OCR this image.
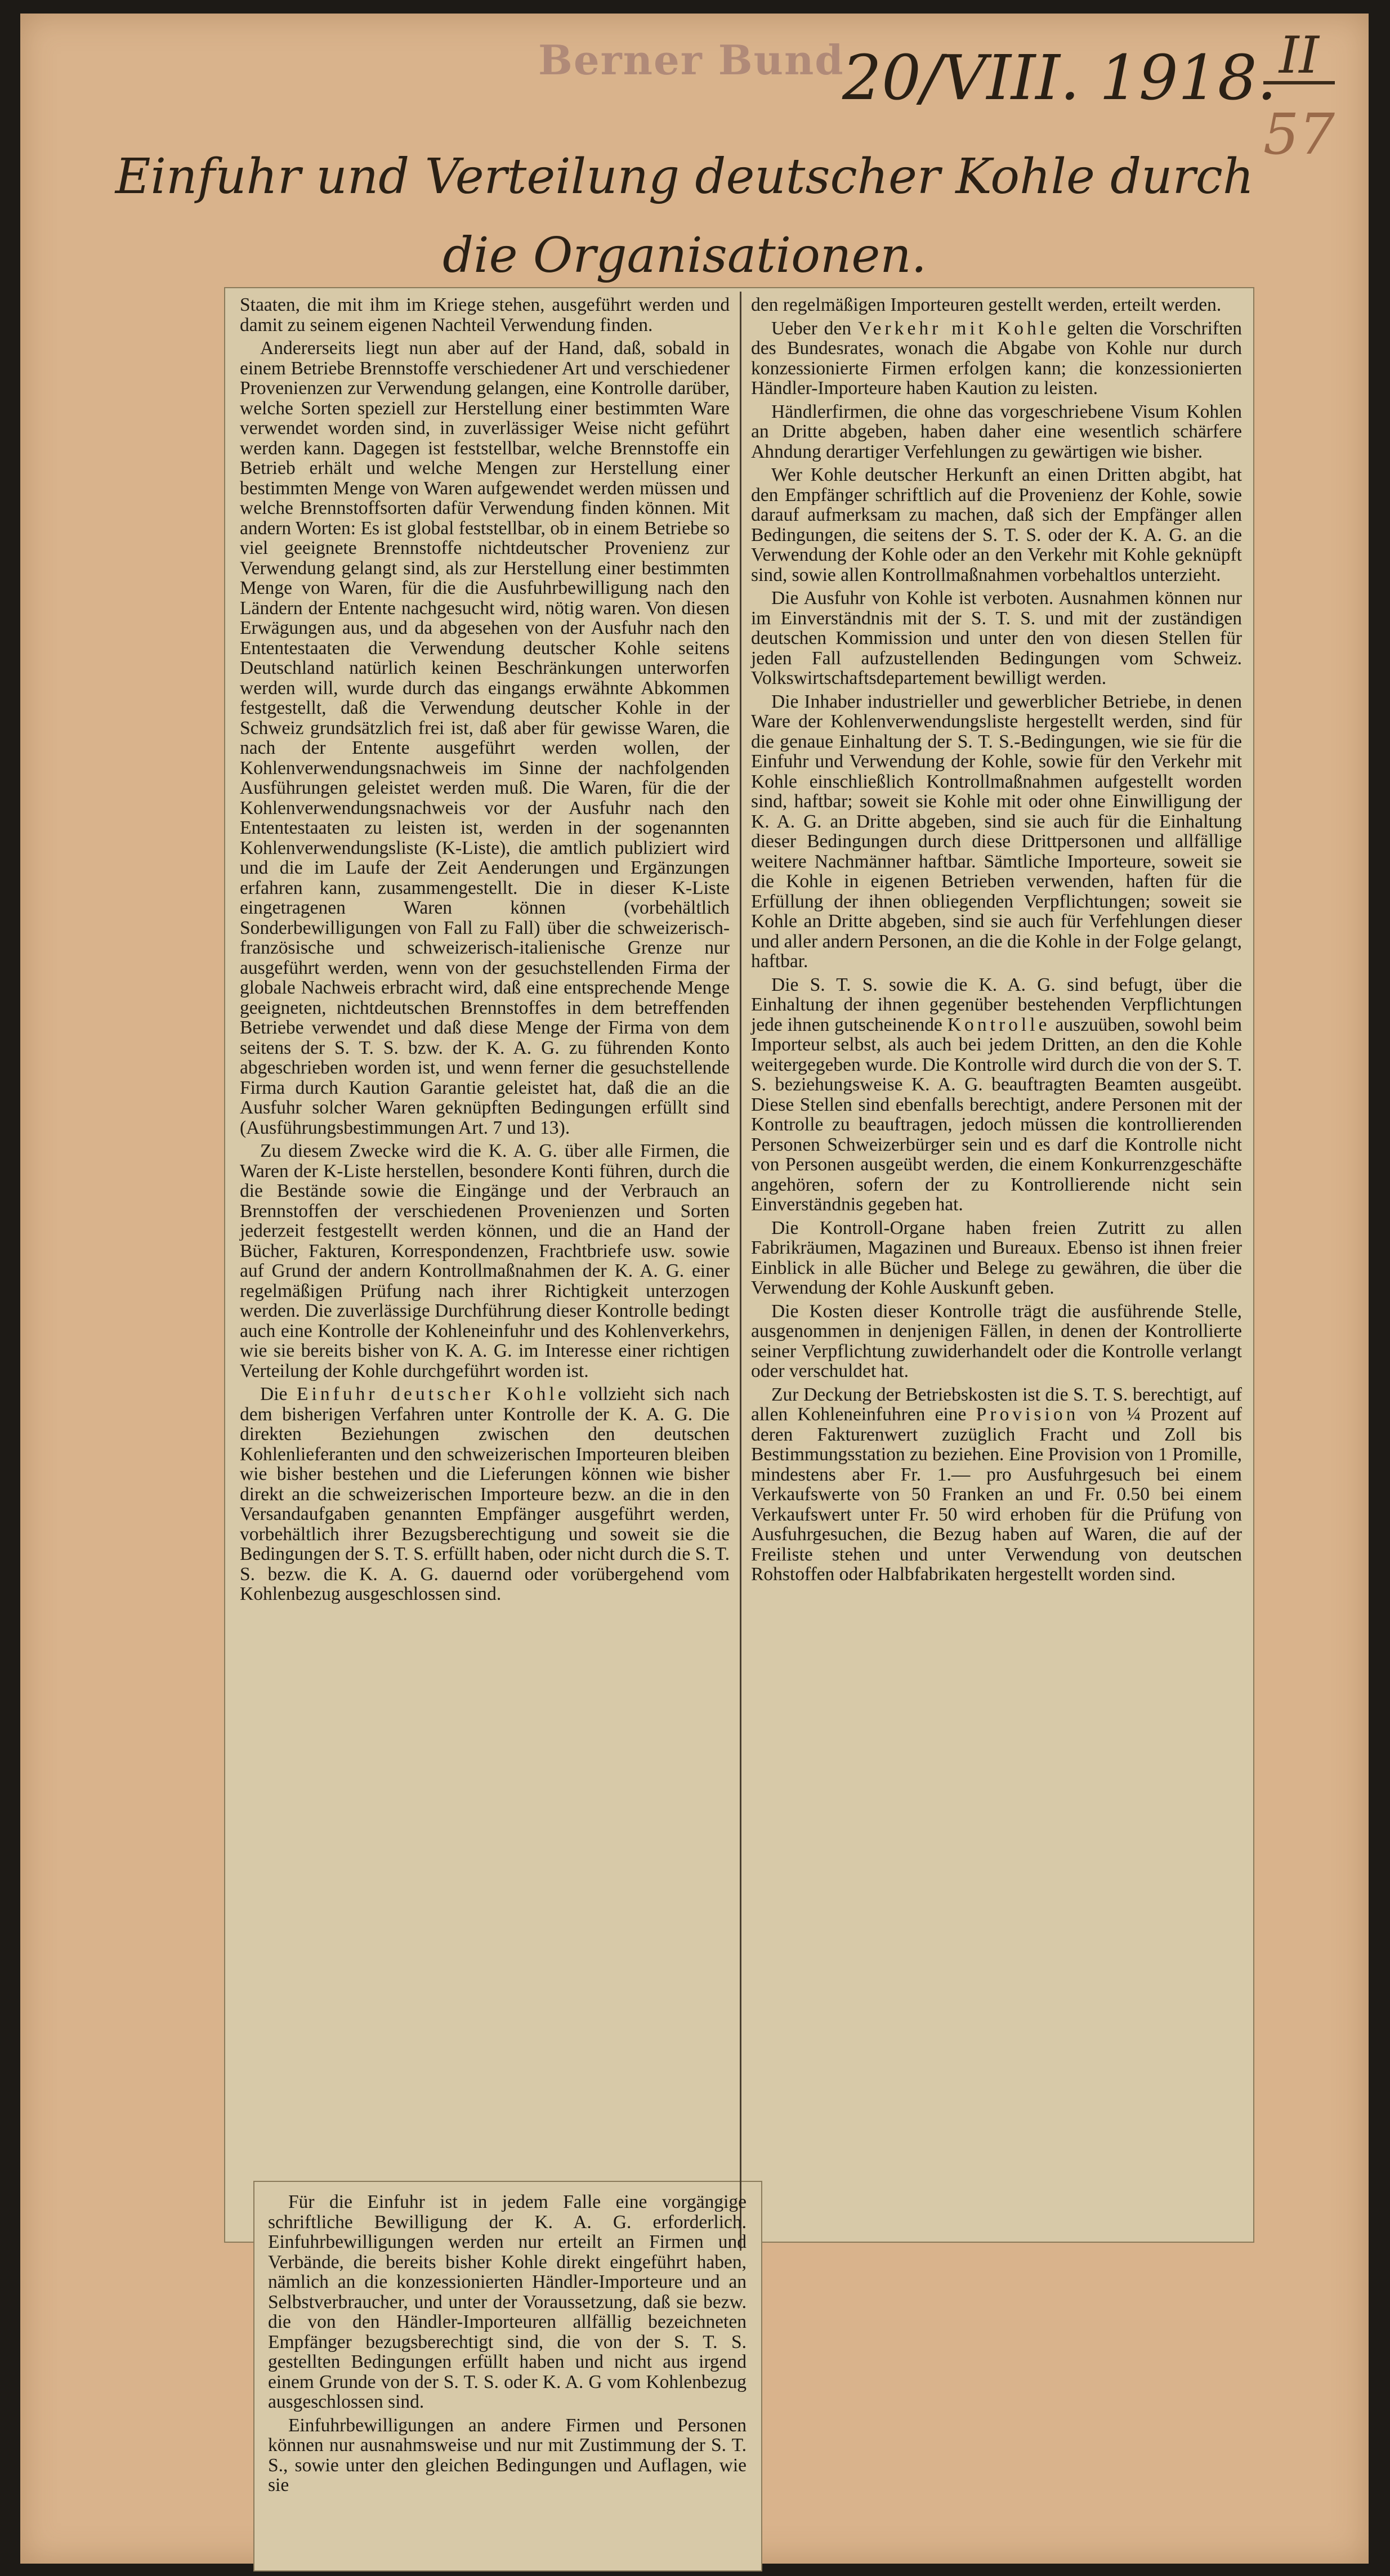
Berner Bund
20/VIII. 1918. II
57
Einfuhr und Verteilung deutscher Kohle durch die Organisationen.

Staaten, die mit ihm im Kriege stehen, ausgeführt werden und damit zu seinem eigenen Nachteil Verwendung finden.

Andererseits liegt nun aber auf der Hand, daß, sobald in einem Betriebe Brennstoffe verschiedener Art und verschiedener Provenienzen zur Verwendung gelangen, eine Kontrolle darüber, welche Sorten speziell zur Herstellung einer bestimmten Ware verwendet worden sind, in zuverlässiger Weise nicht geführt werden kann. Dagegen ist feststellbar, welche Brennstoffe ein Betrieb erhält und welche Mengen zur Herstellung einer bestimmten Menge von Waren aufgewendet werden müssen und welche Brennstoffsorten dafür Verwendung finden können. Mit andern Worten: Es ist global feststellbar, ob in einem Betriebe so viel geeignete Brennstoffe nichtdeutscher Provenienz zur Verwendung gelangt sind, als zur Herstellung einer bestimmten Menge von Waren, für die die Ausfuhrbewilligung nach den Ländern der Entente nachgesucht wird, nötig waren. Von diesen Erwägungen aus, und da abgesehen von der Ausfuhr nach den Ententestaaten die Verwendung deutscher Kohle seitens Deutschland natürlich keinen Beschränkungen unterworfen werden will, wurde durch das eingangs erwähnte Abkommen festgestellt, daß die Verwendung deutscher Kohle in der Schweiz grundsätzlich frei ist, daß aber für gewisse Waren, die nach der Entente ausgeführt werden wollen, der Kohlenverwendungsnachweis im Sinne der nachfolgenden Ausführungen geleistet werden muß. Die Waren, für die der Kohlenverwendungsnachweis vor der Ausfuhr nach den Ententestaaten zu leisten ist, werden in der sogenannten Kohlenverwendungsliste (K-Liste), die amtlich publiziert wird und die im Laufe der Zeit Aenderungen und Ergänzungen erfahren kann, zusammengestellt. Die in dieser K-Liste eingetragenen Waren können (vorbehältlich Sonderbewilligungen von Fall zu Fall) über die schweizerisch-französische und schweizerisch-italienische Grenze nur ausgeführt werden, wenn von der gesuchstellenden Firma der globale Nachweis erbracht wird, daß eine entsprechende Menge geeigneten, nichtdeutschen Brennstoffes in dem betreffenden Betriebe verwendet und daß diese Menge der Firma von dem seitens der S. T. S. bzw. der K. A. G. zu führenden Konto abgeschrieben worden ist, und wenn ferner die gesuchstellende Firma durch Kaution Garantie geleistet hat, daß die an die Ausfuhr solcher Waren geknüpften Bedingungen erfüllt sind (Ausführungsbestimmungen Art. 7 und 13).

Zu diesem Zwecke wird die K. A. G. über alle Firmen, die Waren der K-Liste herstellen, besondere Konti führen, durch die die Bestände sowie die Eingänge und der Verbrauch an Brennstoffen der verschiedenen Provenienzen und Sorten jederzeit festgestellt werden können, und die an Hand der Bücher, Fakturen, Korrespondenzen, Frachtbriefe usw. sowie auf Grund der andern Kontrollmaßnahmen der K. A. G. einer regelmäßigen Prüfung nach ihrer Richtigkeit unterzogen werden. Die zuverlässige Durchführung dieser Kontrolle bedingt auch eine Kontrolle der Kohleneinfuhr und des Kohlenverkehrs, wie sie bereits bisher von K. A. G. im Interesse einer richtigen Verteilung der Kohle durchgeführt worden ist.

Die Einfuhr deutscher Kohle vollzieht sich nach dem bisherigen Verfahren unter Kontrolle der K. A. G. Die direkten Beziehungen zwischen den deutschen Kohlenlieferanten und den schweizerischen Importeuren bleiben wie bisher bestehen und die Lieferungen können wie bisher direkt an die schweizerischen Importeure bezw. an die in den Versandaufgaben genannten Empfänger ausgeführt werden, vorbehältlich ihrer Bezugsberechtigung und soweit sie die Bedingungen der S. T. S. erfüllt haben, oder nicht durch die S. T. S. bezw. die K. A. G. dauernd oder vorübergehend vom Kohlenbezug ausgeschlossen sind.

Für die Einfuhr ist in jedem Falle eine vorgängige schriftliche Bewilligung der K. A. G. erforderlich. Einfuhrbewilligungen werden nur erteilt an Firmen und Verbände, die bereits bisher Kohle direkt eingeführt haben, nämlich an die konzessionierten Händler-Importeure und an Selbstverbraucher, und unter der Voraussetzung, daß sie bezw. die von den Händler-Importeuren allfällig bezeichneten Empfänger bezugsberechtigt sind, die von der S. T. S. gestellten Bedingungen erfüllt haben und nicht aus irgend einem Grunde von der S. T. S. oder K. A. G vom Kohlenbezug ausgeschlossen sind.

Einfuhrbewilligungen an andere Firmen und Personen können nur ausnahmsweise und nur mit Zustimmung der S. T. S., sowie unter den gleichen Bedingungen und Auflagen, wie sie

den regelmäßigen Importeuren gestellt werden, erteilt werden.

Ueber den Verkehr mit Kohle gelten die Vorschriften des Bundesrates, wonach die Abgabe von Kohle nur durch konzessionierte Firmen erfolgen kann; die konzessionierten Händler-Importeure haben Kaution zu leisten.

Händlerfirmen, die ohne das vorgeschriebene Visum Kohlen an Dritte abgeben, haben daher eine wesentlich schärfere Ahndung derartiger Verfehlungen zu gewärtigen wie bisher.

Wer Kohle deutscher Herkunft an einen Dritten abgibt, hat den Empfänger schriftlich auf die Provenienz der Kohle, sowie darauf aufmerksam zu machen, daß sich der Empfänger allen Bedingungen, die seitens der S. T. S. oder der K. A. G. an die Verwendung der Kohle oder an den Verkehr mit Kohle geknüpft sind, sowie allen Kontrollmaßnahmen vorbehaltlos unterzieht.

Die Ausfuhr von Kohle ist verboten. Ausnahmen können nur im Einverständnis mit der S. T. S. und mit der zuständigen deutschen Kommission und unter den von diesen Stellen für jeden Fall aufzustellenden Bedingungen vom Schweiz. Volkswirtschaftsdepartement bewilligt werden.

Die Inhaber industrieller und gewerblicher Betriebe, in denen Ware der Kohlenverwendungsliste hergestellt werden, sind für die genaue Einhaltung der S. T. S.-Bedingungen, wie sie für die Einfuhr und Verwendung der Kohle, sowie für den Verkehr mit Kohle einschließlich Kontrollmaßnahmen aufgestellt worden sind, haftbar; soweit sie Kohle mit oder ohne Einwilligung der K. A. G. an Dritte abgeben, sind sie auch für die Einhaltung dieser Bedingungen durch diese Drittpersonen und allfällige weitere Nachmänner haftbar. Sämtliche Importeure, soweit sie die Kohle in eigenen Betrieben verwenden, haften für die Erfüllung der ihnen obliegenden Verpflichtungen; soweit sie Kohle an Dritte abgeben, sind sie auch für Verfehlungen dieser und aller andern Personen, an die die Kohle in der Folge gelangt, haftbar.

Die S. T. S. sowie die K. A. G. sind befugt, über die Einhaltung der ihnen gegenüber bestehenden Verpflichtungen jede ihnen gutscheinende Kontrolle auszuüben, sowohl beim Importeur selbst, als auch bei jedem Dritten, an den die Kohle weitergegeben wurde. Die Kontrolle wird durch die von der S. T. S. beziehungsweise K. A. G. beauftragten Beamten ausgeübt. Diese Stellen sind ebenfalls berechtigt, andere Personen mit der Kontrolle zu beauftragen, jedoch müssen die kontrollierenden Personen Schweizerbürger sein und es darf die Kontrolle nicht von Personen ausgeübt werden, die einem Konkurrenzgeschäfte angehören, sofern der zu Kontrollierende nicht sein Einverständnis gegeben hat.

Die Kontroll-Organe haben freien Zutritt zu allen Fabrikräumen, Magazinen und Bureaux. Ebenso ist ihnen freier Einblick in alle Bücher und Belege zu gewähren, die über die Verwendung der Kohle Auskunft geben.

Die Kosten dieser Kontrolle trägt die ausführende Stelle, ausgenommen in denjenigen Fällen, in denen der Kontrollierte seiner Verpflichtung zuwiderhandelt oder die Kontrolle verlangt oder verschuldet hat.

Zur Deckung der Betriebskosten ist die S. T. S. berechtigt, auf allen Kohleneinfuhren eine Provision von ¼ Prozent auf deren Fakturenwert zuzüglich Fracht und Zoll bis Bestimmungsstation zu beziehen. Eine Provision von 1 Promille, mindestens aber Fr. 1.— pro Ausfuhrgesuch bei einem Verkaufswerte von 50 Franken an und Fr. 0.50 bei einem Verkaufswert unter Fr. 50 wird erhoben für die Prüfung von Ausfuhrgesuchen, die Bezug haben auf Waren, die auf der Freiliste stehen und unter Verwendung von deutschen Rohstoffen oder Halbfabrikaten hergestellt worden sind.
